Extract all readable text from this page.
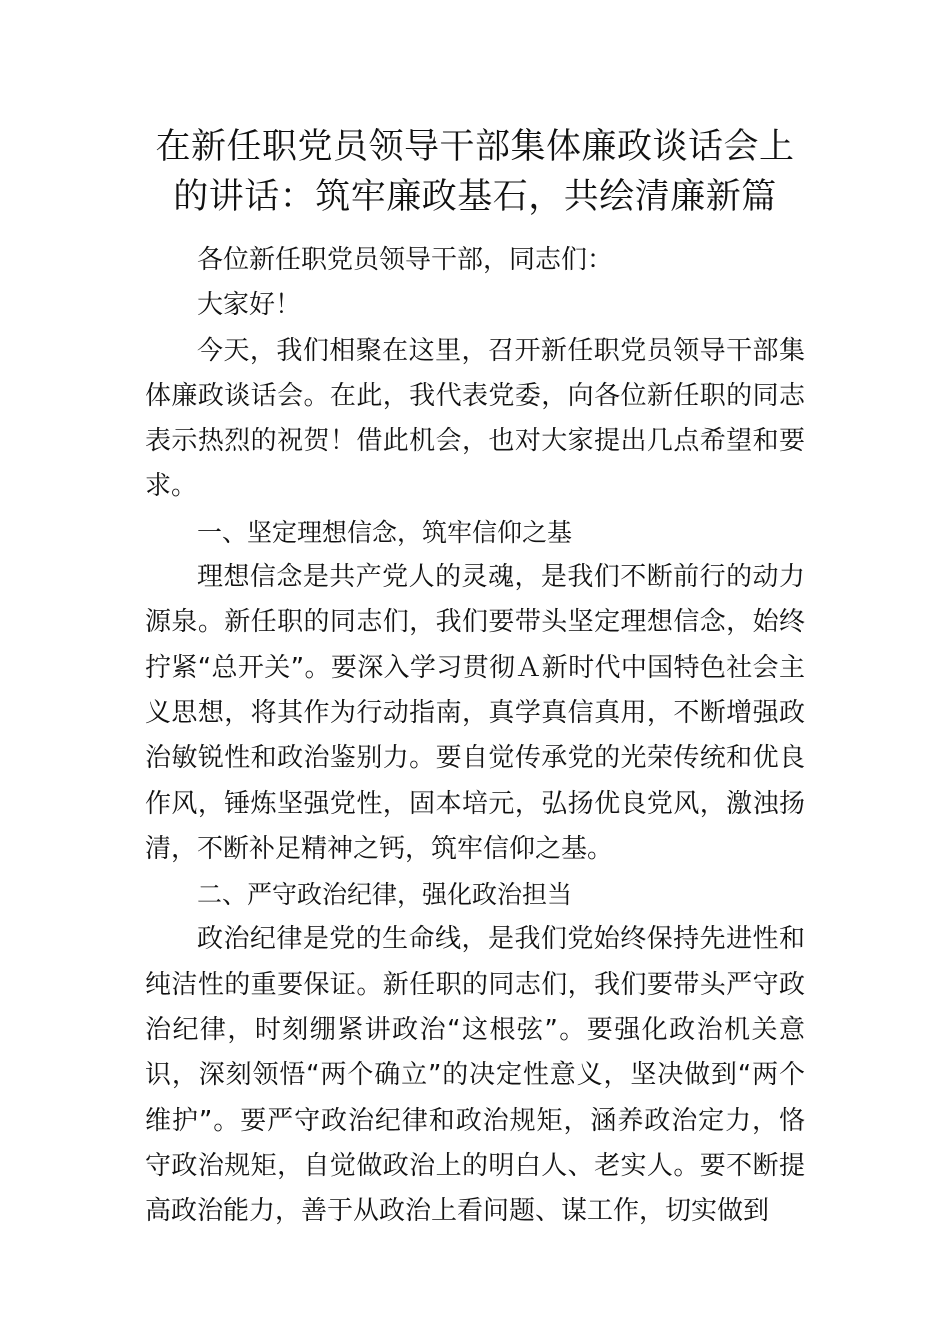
在新任职党员领导干部集体廉政谈话会上
的讲话：筑牢廉政基石，共绘清廉新篇

各位新任职党员领导干部，同志们：

大家好！

今天，我们相聚在这里，召开新任职党员领导干部集体廉政谈话会。在此，我代表党委，向各位新任职的同志表示热烈的祝贺！借此机会，也对大家提出几点希望和要求。

一、坚定理想信念，筑牢信仰之基

理想信念是共产党人的灵魂，是我们不断前行的动力源泉。新任职的同志们，我们要带头坚定理想信念，始终拧紧“总开关”。要深入学习贯彻Ａ新时代中国特色社会主义思想，将其作为行动指南，真学真信真用，不断增强政治敏锐性和政治鉴别力。要自觉传承党的光荣传统和优良作风，锤炼坚强党性，固本培元，弘扬优良党风，激浊扬清，不断补足精神之钙，筑牢信仰之基。

二、严守政治纪律，强化政治担当

政治纪律是党的生命线，是我们党始终保持先进性和纯洁性的重要保证。新任职的同志们，我们要带头严守政治纪律，时刻绷紧讲政治“这根弦”。要强化政治机关意识，深刻领悟“两个确立”的决定性意义，坚决做到“两个维护”。要严守政治纪律和政治规矩，涵养政治定力，恪守政治规矩，自觉做政治上的明白人、老实人。要不断提高政治能力，善于从政治上看问题、谋工作，切实做到
